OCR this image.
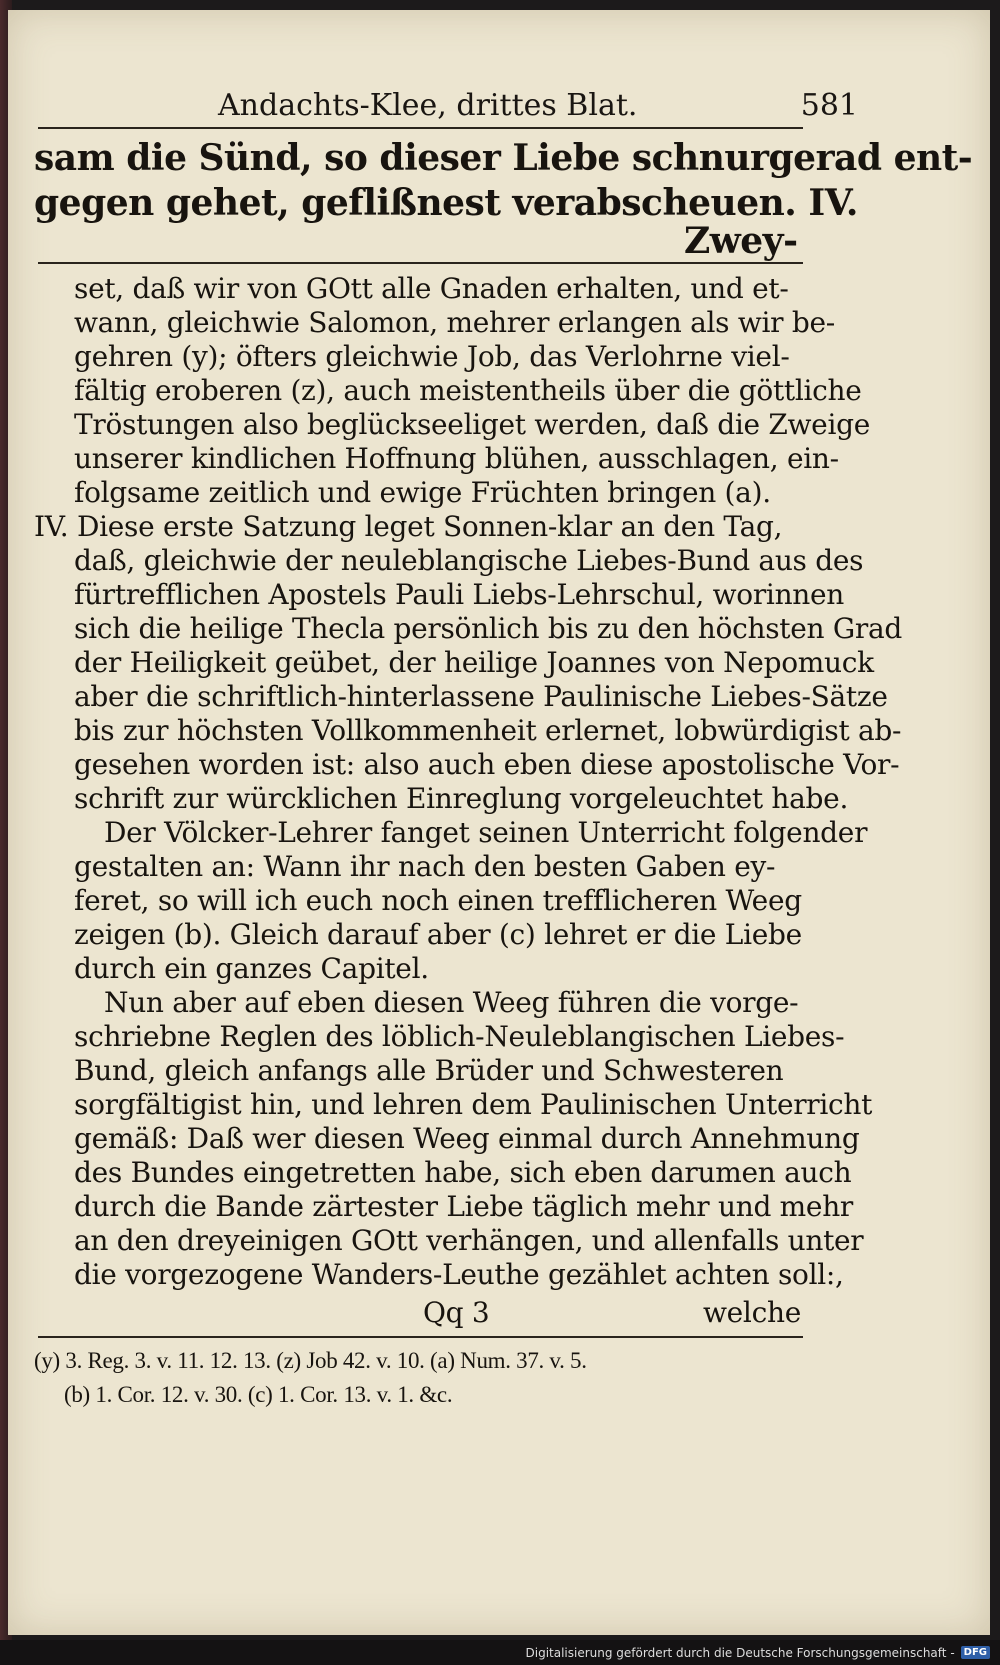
Andachts-Klee, drittes Blat.	581
sam die Sünd, so dieser Liebe schnurgerad ent-
gegen gehet, geflißnest verabscheuen. IV.
Zwey-
set, daß wir von GOtt alle Gnaden erhalten, und et-
wann, gleichwie Salomon, mehrer erlangen als wir be-
gehren (y); öfters gleichwie Job, das Verlohrne viel-
fältig eroberen (z), auch meistentheils über die göttliche
Tröstungen also beglückseeliget werden, daß die Zweige
unserer kindlichen Hoffnung blühen, ausschlagen, ein-
folgsame zeitlich und ewige Früchten bringen (a).
IV. Diese erste Satzung leget Sonnen-klar an den Tag,
daß, gleichwie der neuleblangische Liebes-Bund aus des
fürtrefflichen Apostels Pauli Liebs-Lehrschul, worinnen
sich die heilige Thecla persönlich bis zu den höchsten Grad
der Heiligkeit geübet, der heilige Joannes von Nepomuck
aber die schriftlich-hinterlassene Paulinische Liebes-Sätze
bis zur höchsten Vollkommenheit erlernet, lobwürdigist ab-
gesehen worden ist: also auch eben diese apostolische Vor-
schrift zur würcklichen Einreglung vorgeleuchtet habe.
Der Völcker-Lehrer fanget seinen Unterricht folgender
gestalten an: Wann ihr nach den besten Gaben ey-
feret, so will ich euch noch einen trefflicheren Weeg
zeigen (b). Gleich darauf aber (c) lehret er die Liebe
durch ein ganzes Capitel.
Nun aber auf eben diesen Weeg führen die vorge-
schriebne Reglen des löblich-Neuleblangischen Liebes-
Bund, gleich anfangs alle Brüder und Schwesteren
sorgfältigist hin, und lehren dem Paulinischen Unterricht
gemäß: Daß wer diesen Weeg einmal durch Annehmung
des Bundes eingetretten habe, sich eben darumen auch
durch die Bande zärtester Liebe täglich mehr und mehr
an den dreyeinigen GOtt verhängen, und allenfalls unter
die vorgezogene Wanders-Leuthe gezählet achten soll:,
Qq 3	welche
(y) 3. Reg. 3. v. 11. 12. 13. (z) Job 42. v. 10. (a) Num. 37. v. 5.
(b) 1. Cor. 12. v. 30. (c) 1. Cor. 13. v. 1. &c.
Digitalisierung gefördert durch die Deutsche Forschungsgemeinschaft - DFG
